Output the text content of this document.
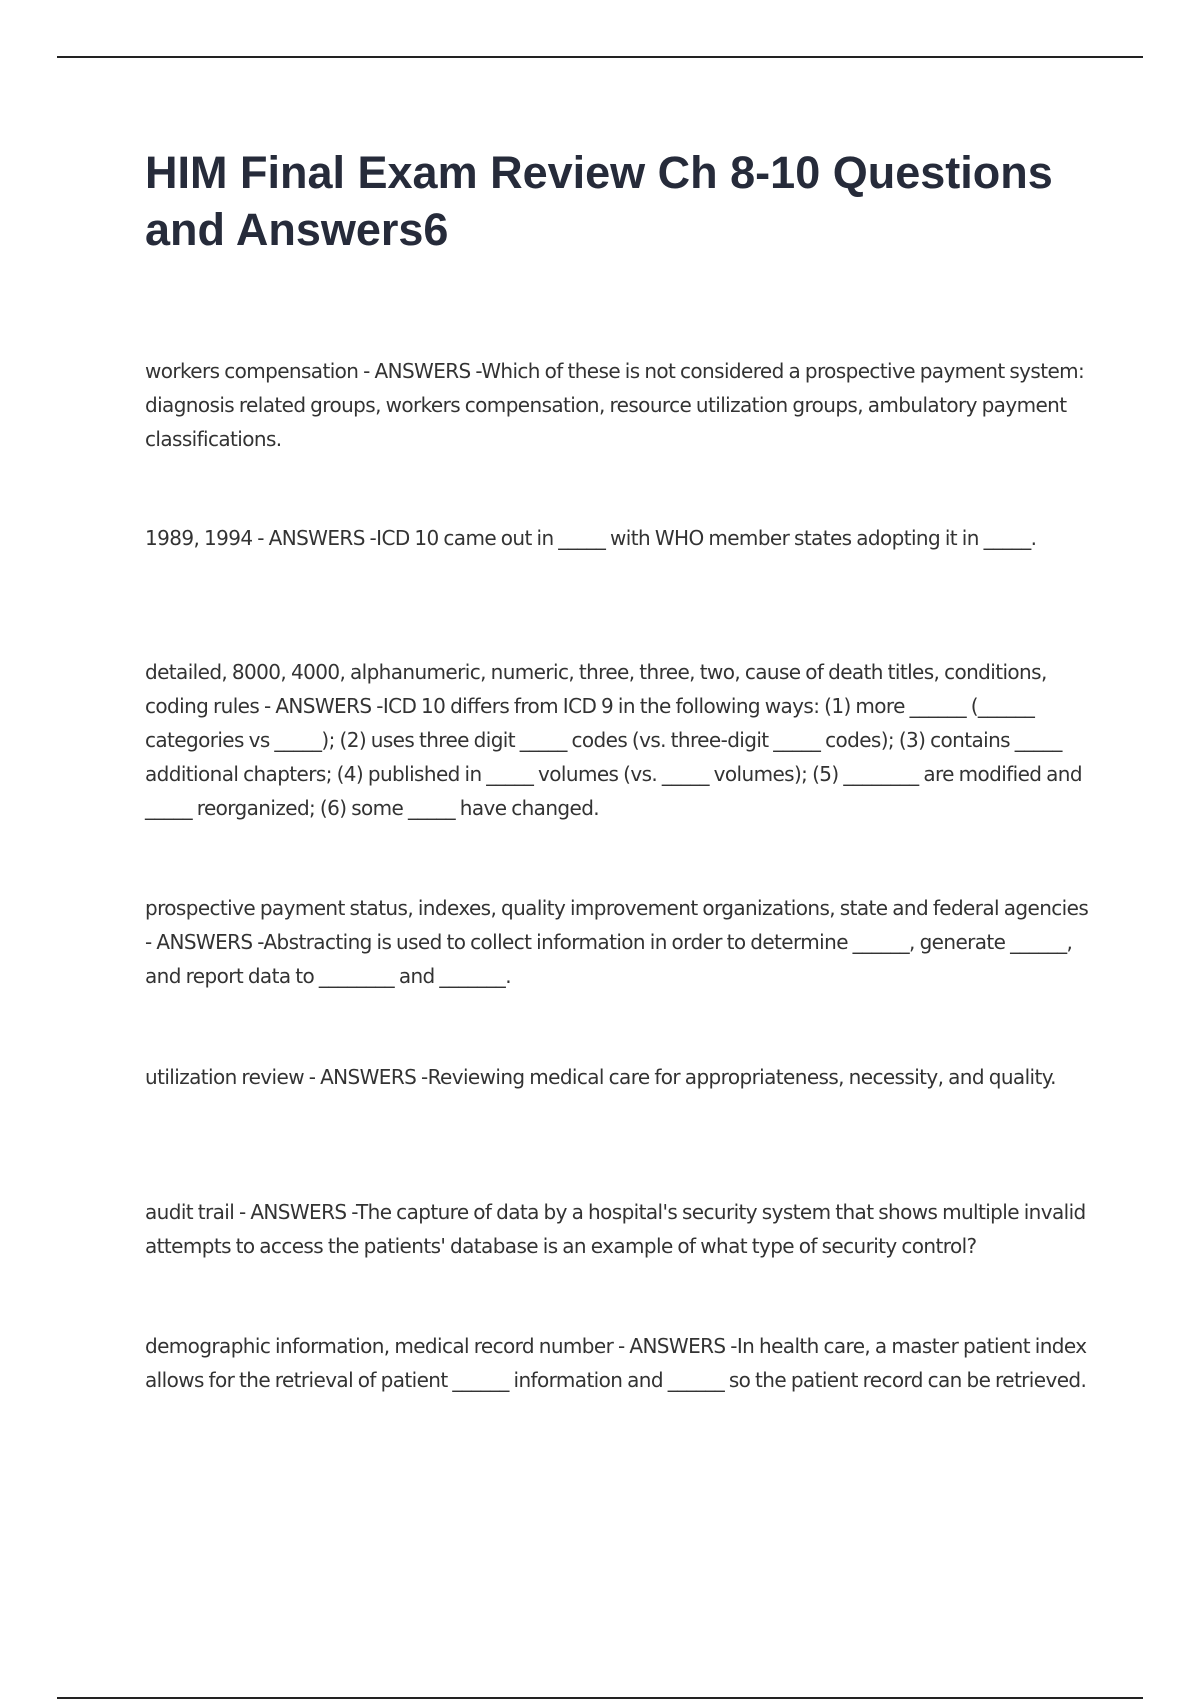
HIM Final Exam Review Ch 8-10 Questions and Answers6

workers compensation - ANSWERS -Which of these is not considered a prospective payment system: diagnosis related groups, workers compensation, resource utilization groups, ambulatory payment classifications.

1989, 1994 - ANSWERS -ICD 10 came out in _____ with WHO member states adopting it in _____.

detailed, 8000, 4000, alphanumeric, numeric, three, three, two, cause of death titles, conditions, coding rules - ANSWERS -ICD 10 differs from ICD 9 in the following ways: (1) more ______ (______ categories vs _____); (2) uses three digit _____ codes (vs. three-digit _____ codes); (3) contains _____ additional chapters; (4) published in _____ volumes (vs. _____ volumes); (5) ________ are modified and _____ reorganized; (6) some _____ have changed.

prospective payment status, indexes, quality improvement organizations, state and federal agencies - ANSWERS -Abstracting is used to collect information in order to determine ______, generate ______, and report data to ________ and _______.

utilization review - ANSWERS -Reviewing medical care for appropriateness, necessity, and quality.

audit trail - ANSWERS -The capture of data by a hospital's security system that shows multiple invalid attempts to access the patients' database is an example of what type of security control?

demographic information, medical record number - ANSWERS -In health care, a master patient index allows for the retrieval of patient ______ information and ______ so the patient record can be retrieved.
